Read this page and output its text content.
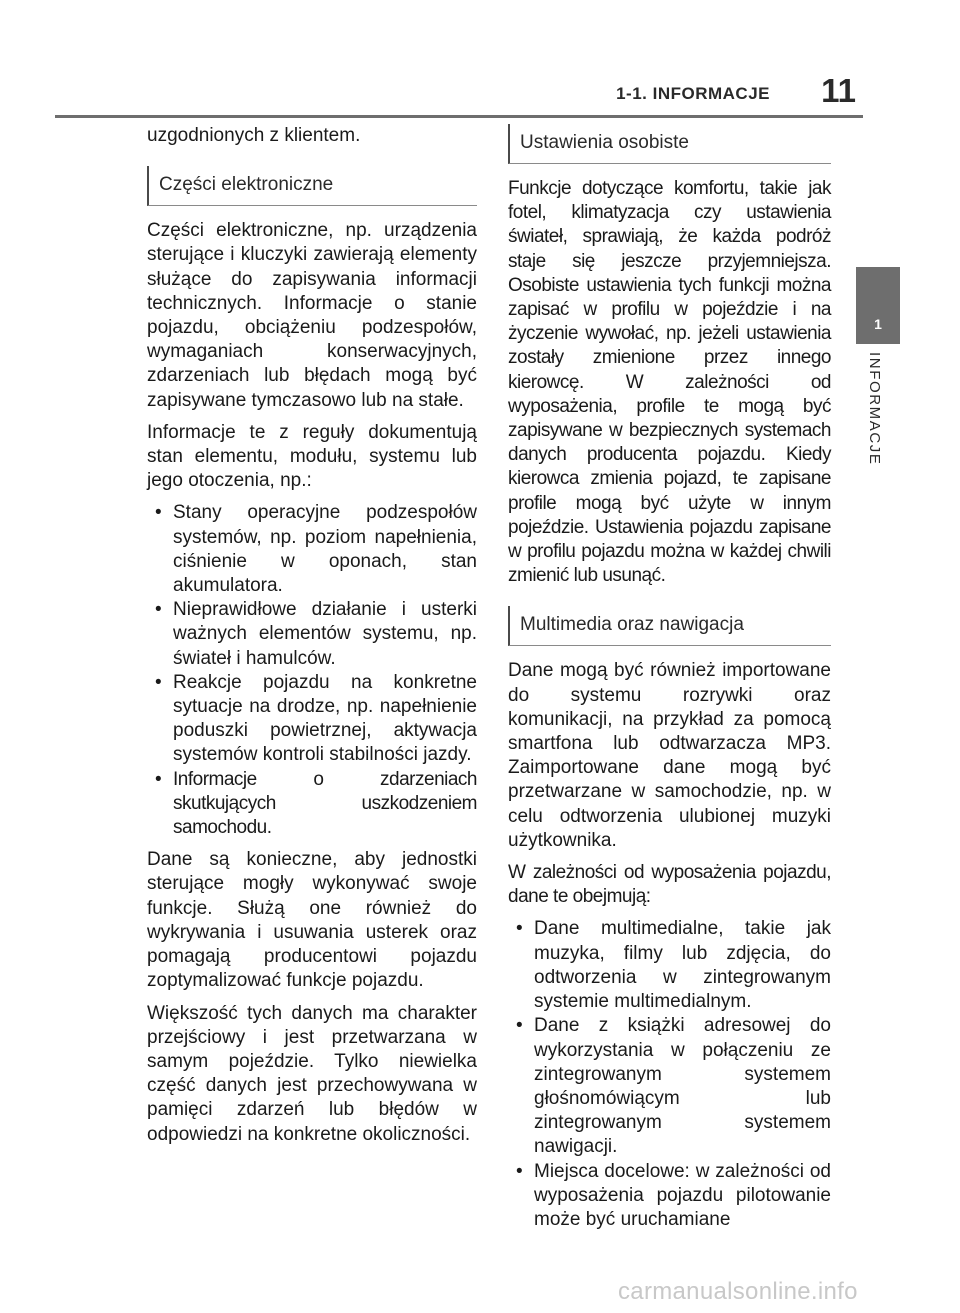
1-1. INFORMACJE	11
1
INFORMACJE

uzgodnionych z klientem.

Części elektroniczne

Części elektroniczne, np. urządzenia sterujące i kluczyki zawierają elementy służące do zapisywania informacji technicznych. Informacje o stanie pojazdu, obciążeniu podzespołów, wymaganiach konserwacyjnych, zdarzeniach lub błędach mogą być zapisywane tymczasowo lub na stałe.

Informacje te z reguły dokumentują stan elementu, modułu, systemu lub jego otoczenia, np.:

• Stany operacyjne podzespołów systemów, np. poziom napełnienia, ciśnienie w oponach, stan akumulatora.
• Nieprawidłowe działanie i usterki ważnych elementów systemu, np. świateł i hamulców.
• Reakcje pojazdu na konkretne sytuacje na drodze, np. napełnienie poduszki powietrznej, aktywacja systemów kontroli stabilności jazdy.
• Informacje o zdarzeniach skutkujących uszkodzeniem samochodu.

Dane są konieczne, aby jednostki sterujące mogły wykonywać swoje funkcje. Służą one również do wykrywania i usuwania usterek oraz pomagają producentowi pojazdu zoptymalizować funkcje pojazdu.

Większość tych danych ma charakter przejściowy i jest przetwarzana w samym pojeździe. Tylko niewielka część danych jest przechowywana w pamięci zdarzeń lub błędów w odpowiedzi na konkretne okoliczności.

Ustawienia osobiste

Funkcje dotyczące komfortu, takie jak fotel, klimatyzacja czy ustawienia świateł, sprawiają, że każda podróż staje się jeszcze przyjemniejsza. Osobiste ustawienia tych funkcji można zapisać w profilu w pojeździe i na życzenie wywołać, np. jeżeli ustawienia zostały zmienione przez innego kierowcę. W zależności od wyposażenia, profile te mogą być zapisywane w bezpiecznych systemach danych producenta pojazdu. Kiedy kierowca zmienia pojazd, te zapisane profile mogą być użyte w innym pojeździe. Ustawienia pojazdu zapisane w profilu pojazdu można w każdej chwili zmienić lub usunąć.

Multimedia oraz nawigacja

Dane mogą być również importowane do systemu rozrywki oraz komunikacji, na przykład za pomocą smartfona lub odtwarzacza MP3. Zaimportowane dane mogą być przetwarzane w samochodzie, np. w celu odtworzenia ulubionej muzyki użytkownika.

W zależności od wyposażenia pojazdu, dane te obejmują:

• Dane multimedialne, takie jak muzyka, filmy lub zdjęcia, do odtworzenia w zintegrowanym systemie multimedialnym.
• Dane z książki adresowej do wykorzystania w połączeniu ze zintegrowanym systemem głośnomówiącym lub zintegrowanym systemem nawigacji.
• Miejsca docelowe: w zależności od wyposażenia pojazdu pilotowanie może być uruchamiane
carmanualsonline.info
